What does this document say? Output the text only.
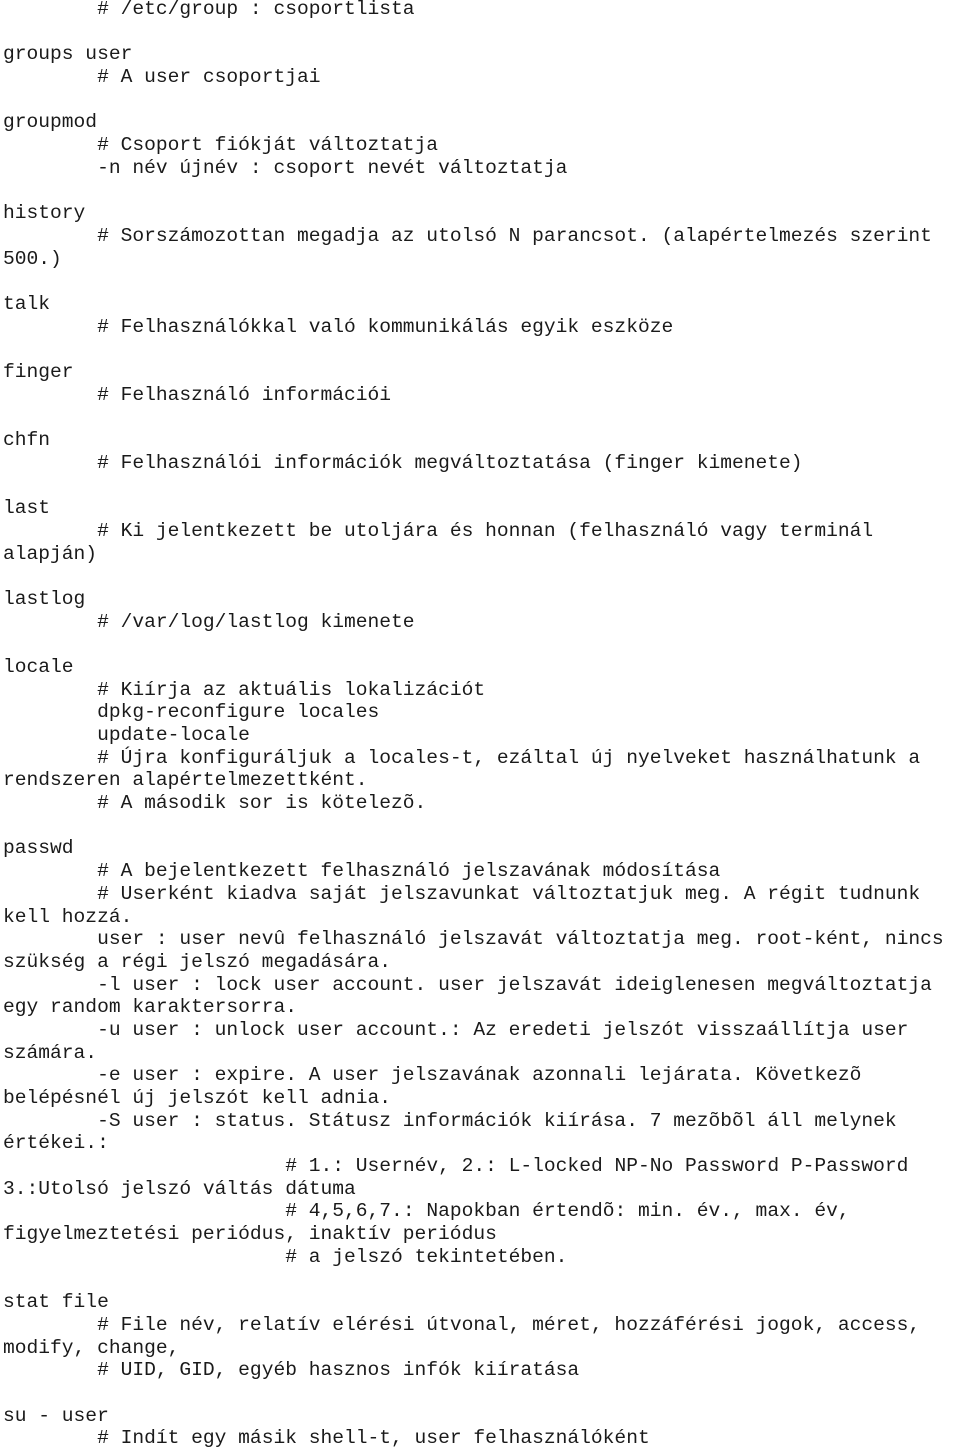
# /etc/group : csoportlista
groups user
# A user csoportjai
groupmod
# Csoport fiókját változtatja
-n név újnév : csoport nevét változtatja
history
# Sorszámozottan megadja az utolsó N parancsot. (alapértelmezés szerint
500.)
talk
# Felhasználókkal való kommunikálás egyik eszköze
finger
# Felhasználó információi
chfn
# Felhasználói információk megváltoztatása (finger kimenete)
last
# Ki jelentkezett be utoljára és honnan (felhasználó vagy terminál
alapján)
lastlog
# /var/log/lastlog kimenete
locale
# Kiírja az aktuális lokalizációt
dpkg-reconfigure locales
update-locale
# Újra konfiguráljuk a locales-t, ezáltal új nyelveket használhatunk a
rendszeren alapértelmezettként.
# A második sor is kötelezõ.
passwd
# A bejelentkezett felhasználó jelszavának módosítása
# Userként kiadva saját jelszavunkat változtatjuk meg. A régit tudnunk
kell hozzá.
user : user nevû felhasználó jelszavát változtatja meg. root-ként, nincs
szükség a régi jelszó megadására.
-l user : lock user account. user jelszavát ideiglenesen megváltoztatja
egy random karaktersorra.
-u user : unlock user account.: Az eredeti jelszót visszaállítja user
számára.
-e user : expire. A user jelszavának azonnali lejárata. Következõ
belépésnél új jelszót kell adnia.
-S user : status. Státusz információk kiírása. 7 mezõbõl áll melynek
értékei.:
# 1.: Usernév, 2.: L-locked NP-No Password P-Password
3.:Utolsó jelszó váltás dátuma
# 4,5,6,7.: Napokban értendõ: min. év., max. év,
figyelmeztetési periódus, inaktív periódus
# a jelszó tekintetében.
stat file
# File név, relatív elérési útvonal, méret, hozzáférési jogok, access,
modify, change,
# UID, GID, egyéb hasznos infók kiíratása
su - user
# Indít egy másik shell-t, user felhasználóként
